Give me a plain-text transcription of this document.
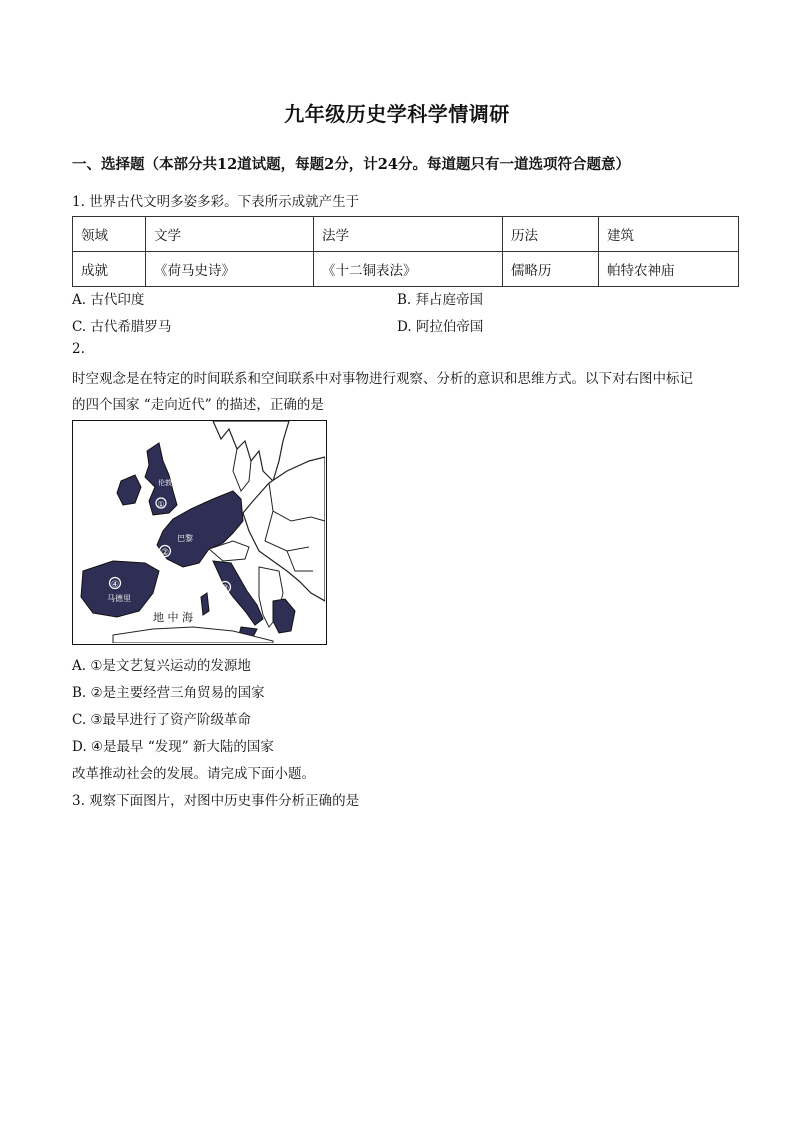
九年级历史学科学情调研
一、选择题（本部分共12道试题，每题2分，计24分。每道题只有一道选项符合题意）
1. 世界古代文明多姿多彩。下表所示成就产生于
领域	文学	法学	历法	建筑
成就	《荷马史诗》	《十二铜表法》	儒略历	帕特农神庙
A. 古代印度	B. 拜占庭帝国
C. 古代希腊罗马	D. 阿拉伯帝国
2.
时空观念是在特定的时间联系和空间联系中对事物进行观察、分析的意识和思维方式。以下对右图中标记
的四个国家 “走向近代” 的描述，正确的是
①
伦敦
②
巴黎
③
④
马德里
地 中 海
A. ①是文艺复兴运动的发源地
B. ②是主要经营三角贸易的国家
C. ③最早进行了资产阶级革命
D. ④是最早 “发现” 新大陆的国家
改革推动社会的发展。请完成下面小题。
3. 观察下面图片，对图中历史事件分析正确的是
